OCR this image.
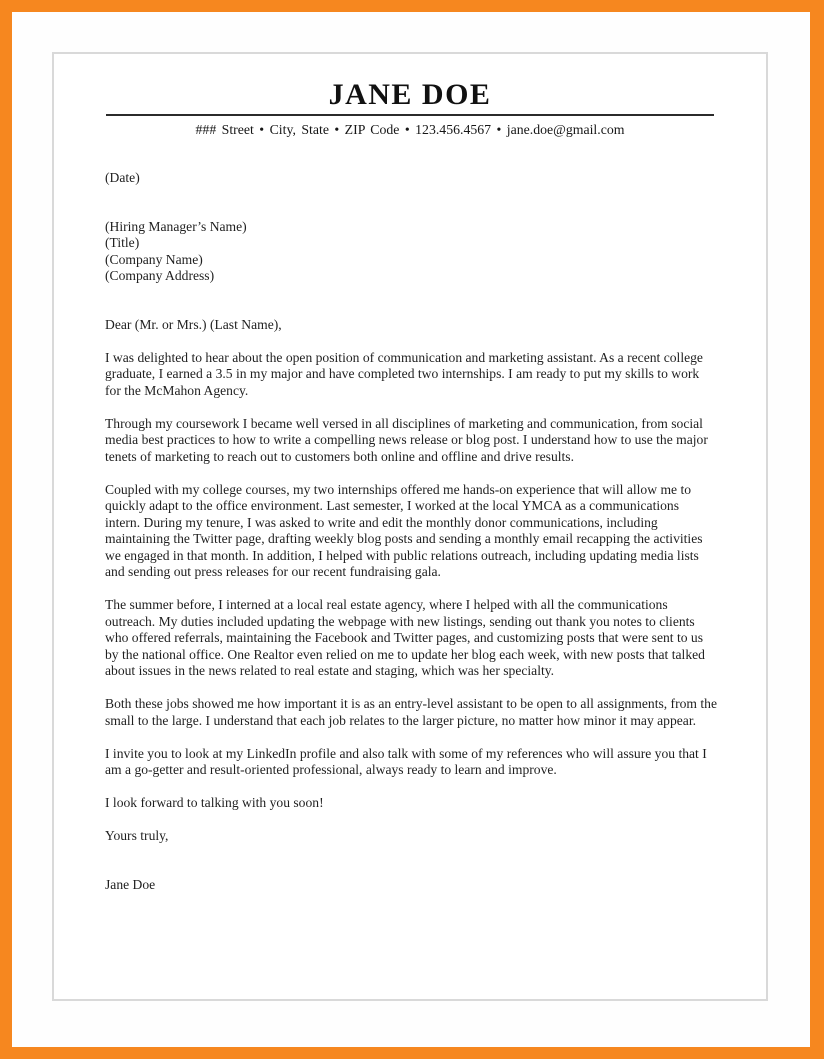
JANE DOE
### Street • City, State • ZIP Code • 123.456.4567 • jane.doe@gmail.com

(Date)

(Hiring Manager’s Name)

(Title)

(Company Name)

(Company Address)

Dear (Mr. or Mrs.) (Last Name),

I was delighted to hear about the open position of communication and marketing assistant. As a recent college graduate, I earned a 3.5 in my major and have completed two internships. I am ready to put my skills to work for the McMahon Agency.

Through my coursework I became well versed in all disciplines of marketing and communication, from social media best practices to how to write a compelling news release or blog post. I understand how to use the major tenets of marketing to reach out to customers both online and offline and drive results.

Coupled with my college courses, my two internships offered me hands-on experience that will allow me to quickly adapt to the office environment. Last semester, I worked at the local YMCA as a communications intern. During my tenure, I was asked to write and edit the monthly donor communications, including maintaining the Twitter page, drafting weekly blog posts and sending a monthly email recapping the activities we engaged in that month. In addition, I helped with public relations outreach, including updating media lists and sending out press releases for our recent fundraising gala.

The summer before, I interned at a local real estate agency, where I helped with all the communications outreach. My duties included updating the webpage with new listings, sending out thank you notes to clients who offered referrals, maintaining the Facebook and Twitter pages, and customizing posts that were sent to us by the national office. One Realtor even relied on me to update her blog each week, with new posts that talked about issues in the news related to real estate and staging, which was her specialty.

Both these jobs showed me how important it is as an entry-level assistant to be open to all assignments, from the small to the large. I understand that each job relates to the larger picture, no matter how minor it may appear.

I invite you to look at my LinkedIn profile and also talk with some of my references who will assure you that I am a go-getter and result-oriented professional, always ready to learn and improve.

I look forward to talking with you soon!

Yours truly,

Jane Doe
